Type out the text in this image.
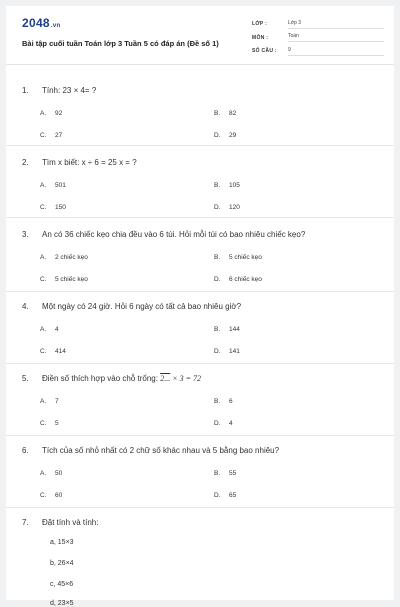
2048.vn
Bài tập cuối tuần Toán lớp 3 Tuần 5 có đáp án (Đề số 1)
LỚP :	Lớp 3
MÔN :	Toán
SỐ CÂU :	9
1. Tính: 23 × 4= ?
A. 92	B. 82
C. 27	D. 29
2. Tìm x biết: x ÷ 6 = 25 x = ?
A. 501	B. 105
C. 150	D. 120
3. An có 36 chiếc kẹo chia đều vào 6 túi. Hỏi mỗi túi có bao nhiêu chiếc kẹo?
A. 2 chiếc kẹo	B. 5 chiếc kẹo
C. 5 chiếc kẹo	D. 6 chiếc kẹo
4. Một ngày có 24 giờ. Hỏi 6 ngày có tất cả bao nhiêu giờ?
A. 4	B. 144
C. 414	D. 141
5. Điền số thích hợp vào chỗ trống: 2... × 3 = 72
A. 7	B. 6
C. 5	D. 4
6. Tích của số nhỏ nhất có 2 chữ số khác nhau và 5 bằng bao nhiêu?
A. 50	B. 55
C. 60	D. 65
7. Đặt tính và tính:
a, 15×3
b, 26×4
c, 45×6
d, 23×5
